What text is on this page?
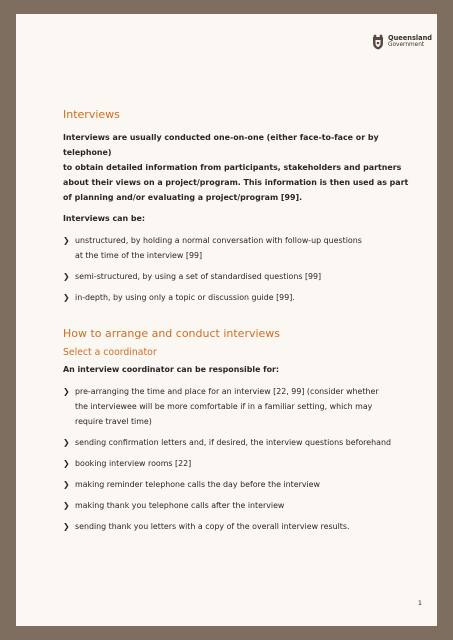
Queensland
Government
Interviews

Interviews are usually conducted one-on-one (either face-to-face or by telephone)
to obtain detailed information from participants, stakeholders and partners
about their views on a project/program. This information is then used as part
of planning and/or evaluating a project/program [99].

Interviews can be:

❯ unstructured, by holding a normal conversation with follow-up questions
at the time of the interview [99]
❯ semi-structured, by using a set of standardised questions [99]
❯ in-depth, by using only a topic or discussion guide [99].
How to arrange and conduct interviews
Select a coordinator

An interview coordinator can be responsible for:

❯ pre-arranging the time and place for an interview [22, 99] (consider whether
the interviewee will be more comfortable if in a familiar setting, which may
require travel time)
❯ sending confirmation letters and, if desired, the interview questions beforehand
❯ booking interview rooms [22]
❯ making reminder telephone calls the day before the interview
❯ making thank you telephone calls after the interview
❯ sending thank you letters with a copy of the overall interview results.
1
